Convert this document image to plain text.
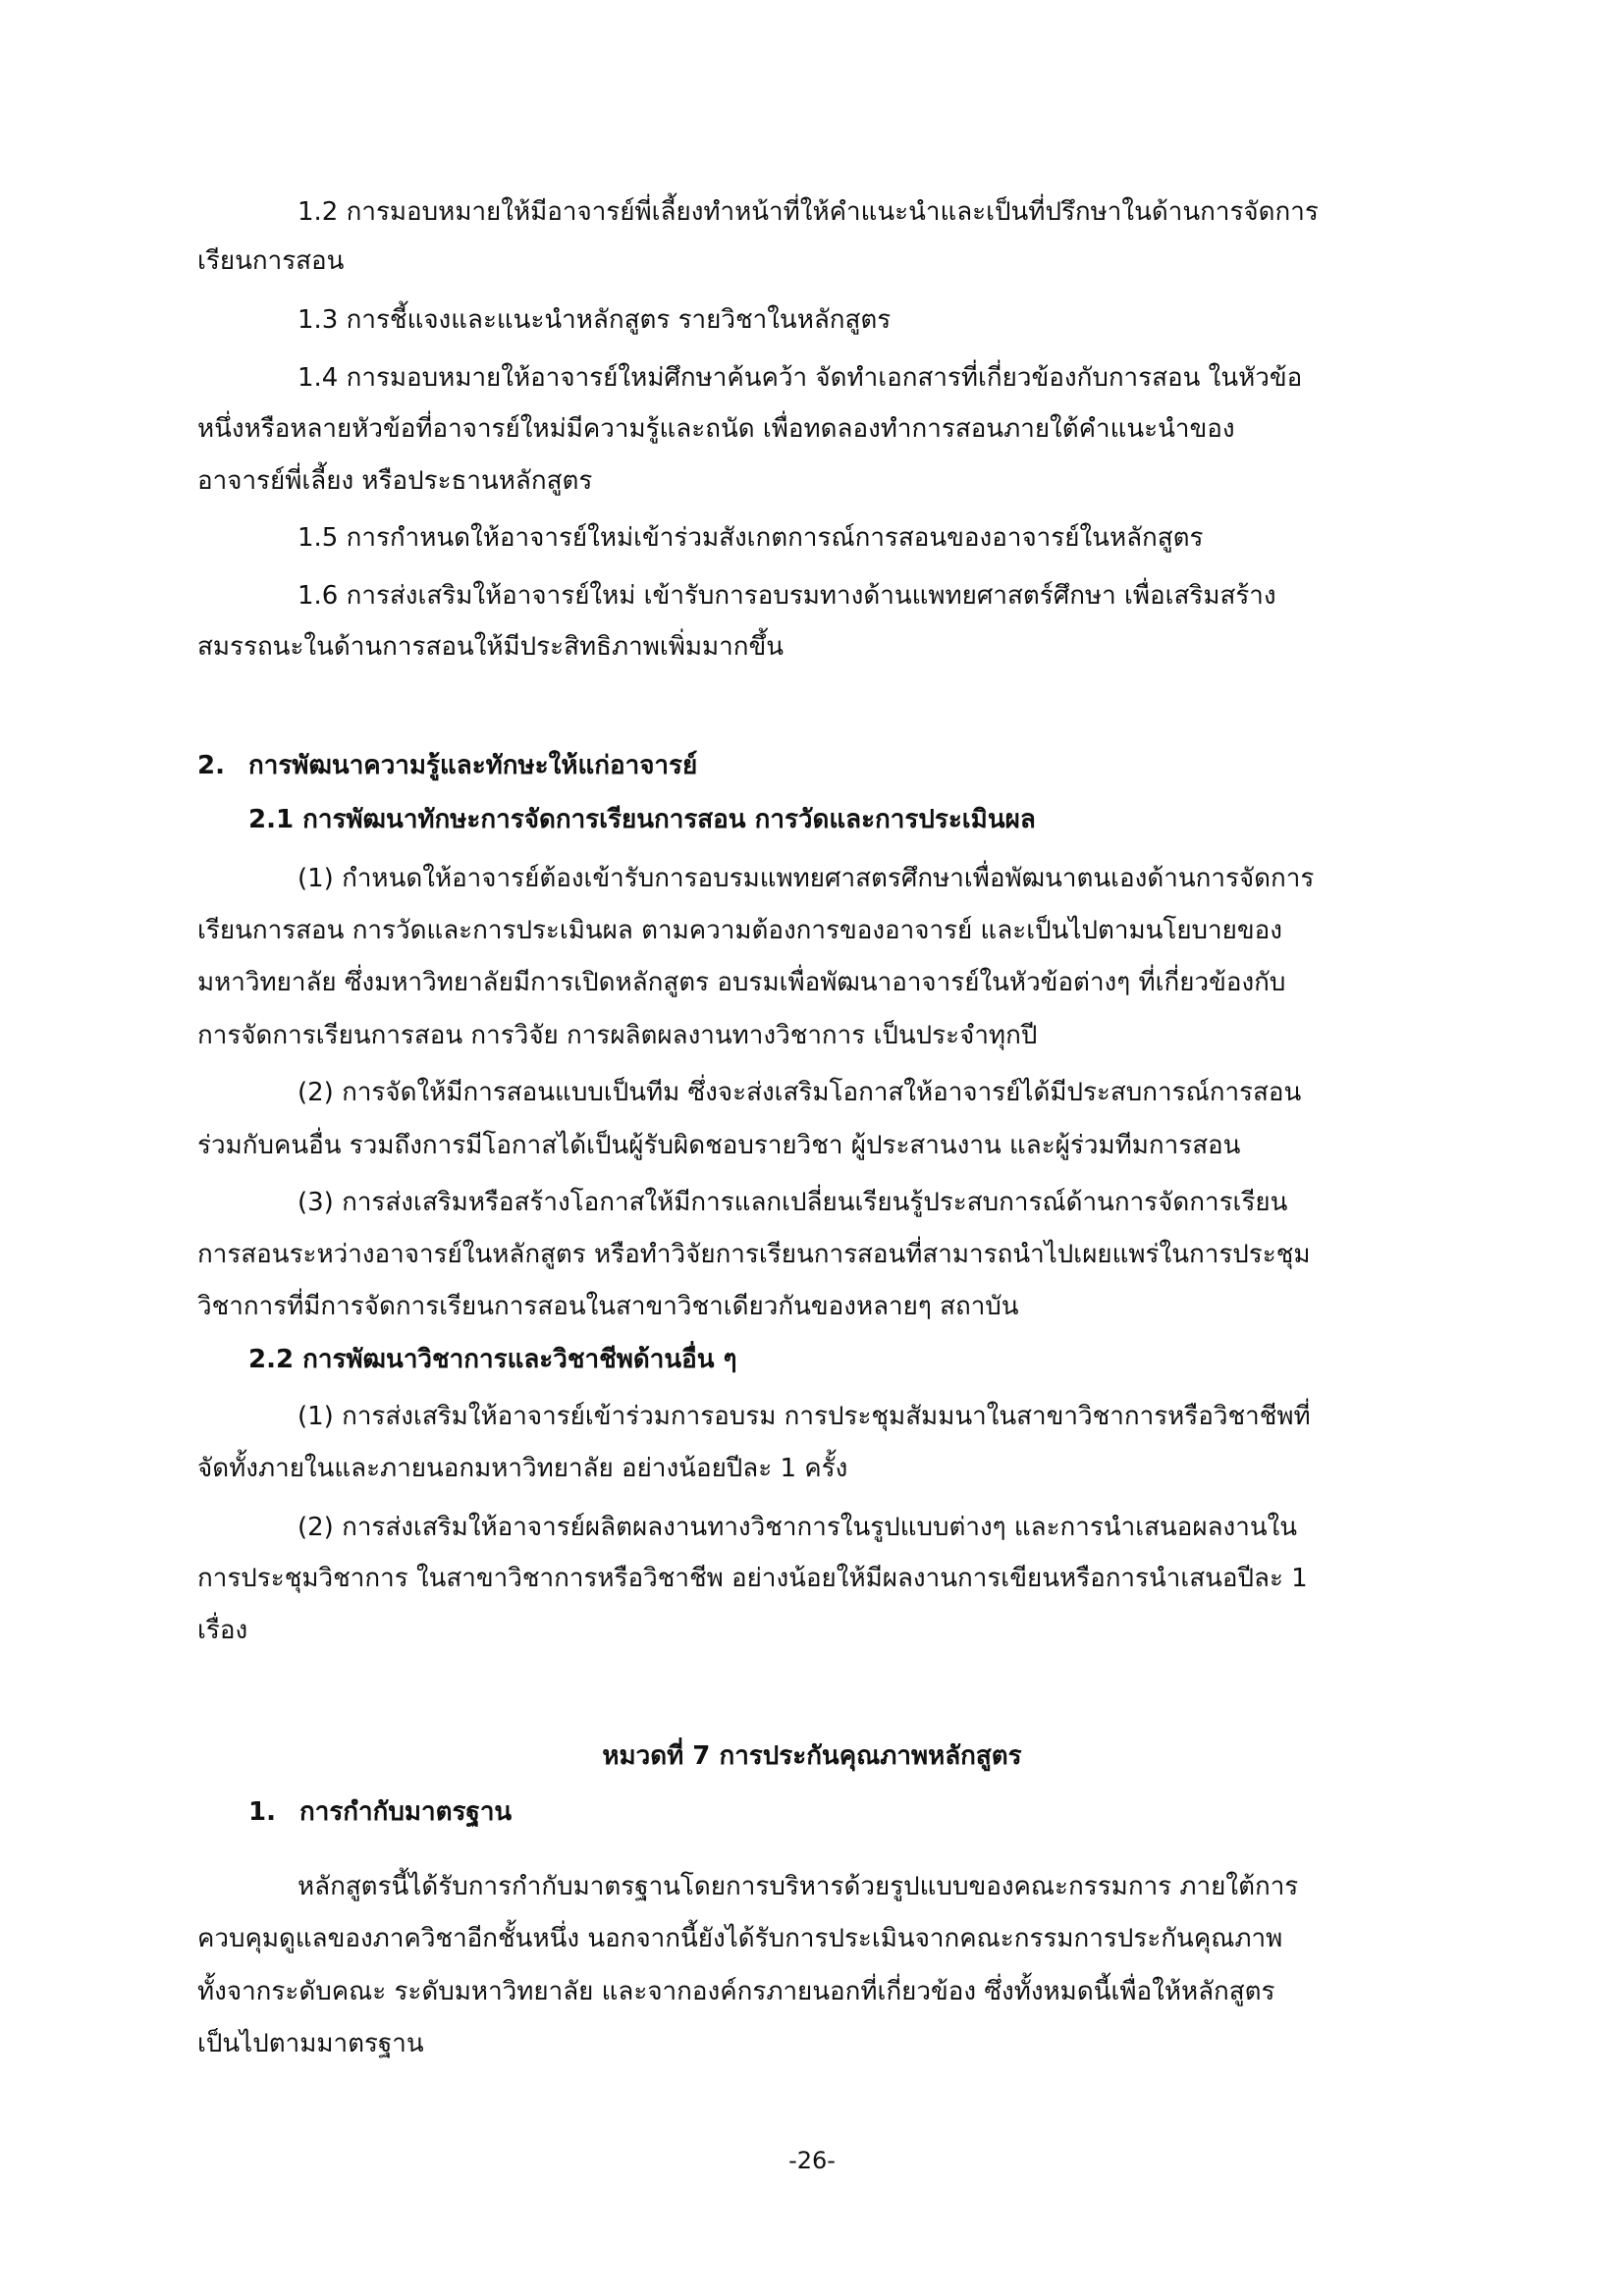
1.2 การมอบหมายให้มีอาจารย์พี่เลี้ยงทำหน้าที่ให้คำแนะนำและเป็นที่ปรึกษาในด้านการจัดการ
เรียนการสอน
1.3 การชี้แจงและแนะนำหลักสูตร รายวิชาในหลักสูตร
1.4 การมอบหมายให้อาจารย์ใหม่ศึกษาค้นคว้า จัดทำเอกสารที่เกี่ยวข้องกับการสอน ในหัวข้อ
หนึ่งหรือหลายหัวข้อที่อาจารย์ใหม่มีความรู้และถนัด เพื่อทดลองทำการสอนภายใต้คำแนะนำของ
อาจารย์พี่เลี้ยง หรือประธานหลักสูตร
1.5 การกำหนดให้อาจารย์ใหม่เข้าร่วมสังเกตการณ์การสอนของอาจารย์ในหลักสูตร
1.6 การส่งเสริมให้อาจารย์ใหม่ เข้ารับการอบรมทางด้านแพทยศาสตร์ศึกษา เพื่อเสริมสร้าง
สมรรถนะในด้านการสอนให้มีประสิทธิภาพเพิ่มมากขึ้น
2. การพัฒนาความรู้และทักษะให้แก่อาจารย์
2.1 การพัฒนาทักษะการจัดการเรียนการสอน การวัดและการประเมินผล
(1) กำหนดให้อาจารย์ต้องเข้ารับการอบรมแพทยศาสตรศึกษาเพื่อพัฒนาตนเองด้านการจัดการ
เรียนการสอน การวัดและการประเมินผล ตามความต้องการของอาจารย์ และเป็นไปตามนโยบายของ
มหาวิทยาลัย ซึ่งมหาวิทยาลัยมีการเปิดหลักสูตร อบรมเพื่อพัฒนาอาจารย์ในหัวข้อต่างๆ ที่เกี่ยวข้องกับ
การจัดการเรียนการสอน การวิจัย การผลิตผลงานทางวิชาการ เป็นประจำทุกปี
(2) การจัดให้มีการสอนแบบเป็นทีม ซึ่งจะส่งเสริมโอกาสให้อาจารย์ได้มีประสบการณ์การสอน
ร่วมกับคนอื่น รวมถึงการมีโอกาสได้เป็นผู้รับผิดชอบรายวิชา ผู้ประสานงาน และผู้ร่วมทีมการสอน
(3) การส่งเสริมหรือสร้างโอกาสให้มีการแลกเปลี่ยนเรียนรู้ประสบการณ์ด้านการจัดการเรียน
การสอนระหว่างอาจารย์ในหลักสูตร หรือทำวิจัยการเรียนการสอนที่สามารถนำไปเผยแพร่ในการประชุม
วิชาการที่มีการจัดการเรียนการสอนในสาขาวิชาเดียวกันของหลายๆ สถาบัน
2.2 การพัฒนาวิชาการและวิชาชีพด้านอื่น ๆ
(1) การส่งเสริมให้อาจารย์เข้าร่วมการอบรม การประชุมสัมมนาในสาขาวิชาการหรือวิชาชีพที่
จัดทั้งภายในและภายนอกมหาวิทยาลัย อย่างน้อยปีละ 1 ครั้ง
(2) การส่งเสริมให้อาจารย์ผลิตผลงานทางวิชาการในรูปแบบต่างๆ และการนำเสนอผลงานใน
การประชุมวิชาการ ในสาขาวิชาการหรือวิชาชีพ อย่างน้อยให้มีผลงานการเขียนหรือการนำเสนอปีละ 1
เรื่อง
หมวดที่ 7 การประกันคุณภาพหลักสูตร
1. การกำกับมาตรฐาน
หลักสูตรนี้ได้รับการกำกับมาตรฐานโดยการบริหารด้วยรูปแบบของคณะกรรมการ ภายใต้การ
ควบคุมดูแลของภาควิชาอีกชั้นหนึ่ง นอกจากนี้ยังได้รับการประเมินจากคณะกรรมการประกันคุณภาพ
ทั้งจากระดับคณะ ระดับมหาวิทยาลัย และจากองค์กรภายนอกที่เกี่ยวข้อง ซึ่งทั้งหมดนี้เพื่อให้หลักสูตร
เป็นไปตามมาตรฐาน
-26-
